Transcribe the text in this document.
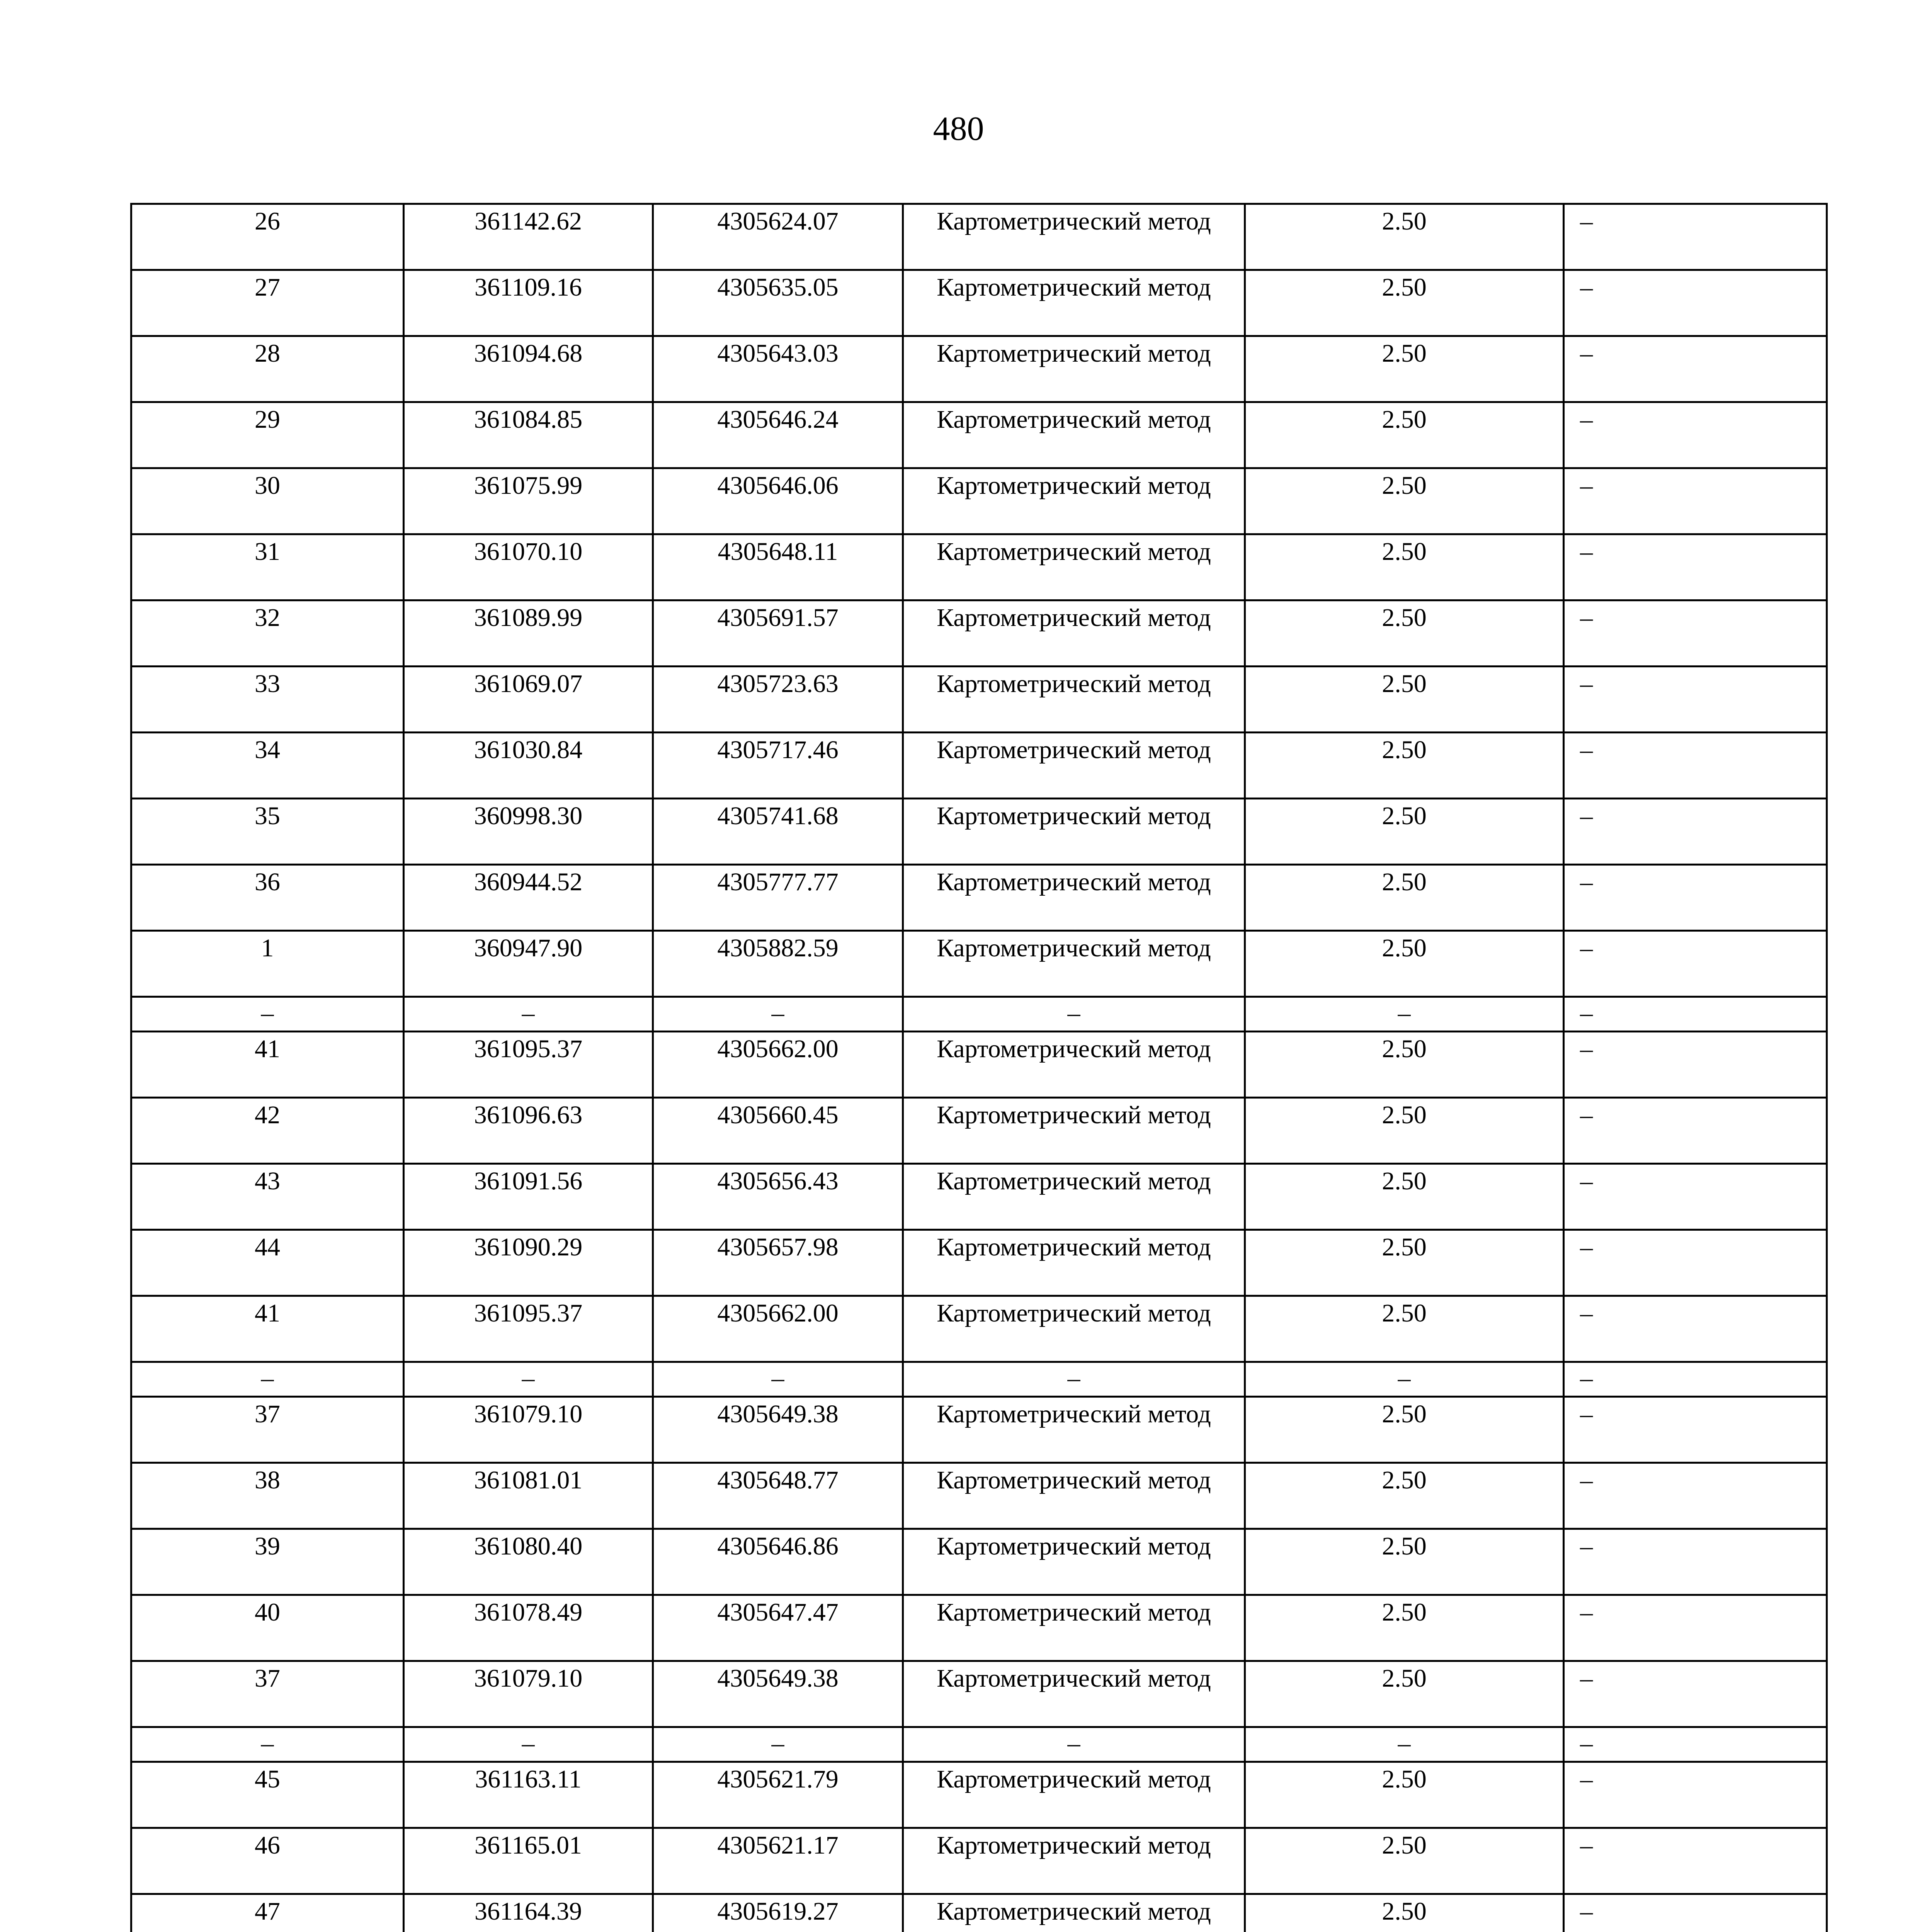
480
26	361142.62	4305624.07	Картометрический метод	2.50	–
27	361109.16	4305635.05	Картометрический метод	2.50	–
28	361094.68	4305643.03	Картометрический метод	2.50	–
29	361084.85	4305646.24	Картометрический метод	2.50	–
30	361075.99	4305646.06	Картометрический метод	2.50	–
31	361070.10	4305648.11	Картометрический метод	2.50	–
32	361089.99	4305691.57	Картометрический метод	2.50	–
33	361069.07	4305723.63	Картометрический метод	2.50	–
34	361030.84	4305717.46	Картометрический метод	2.50	–
35	360998.30	4305741.68	Картометрический метод	2.50	–
36	360944.52	4305777.77	Картометрический метод	2.50	–
1	360947.90	4305882.59	Картометрический метод	2.50	–
–	–	–	–	–	–
41	361095.37	4305662.00	Картометрический метод	2.50	–
42	361096.63	4305660.45	Картометрический метод	2.50	–
43	361091.56	4305656.43	Картометрический метод	2.50	–
44	361090.29	4305657.98	Картометрический метод	2.50	–
41	361095.37	4305662.00	Картометрический метод	2.50	–
–	–	–	–	–	–
37	361079.10	4305649.38	Картометрический метод	2.50	–
38	361081.01	4305648.77	Картометрический метод	2.50	–
39	361080.40	4305646.86	Картометрический метод	2.50	–
40	361078.49	4305647.47	Картометрический метод	2.50	–
37	361079.10	4305649.38	Картометрический метод	2.50	–
–	–	–	–	–	–
45	361163.11	4305621.79	Картометрический метод	2.50	–
46	361165.01	4305621.17	Картометрический метод	2.50	–
47	361164.39	4305619.27	Картометрический метод	2.50	–
